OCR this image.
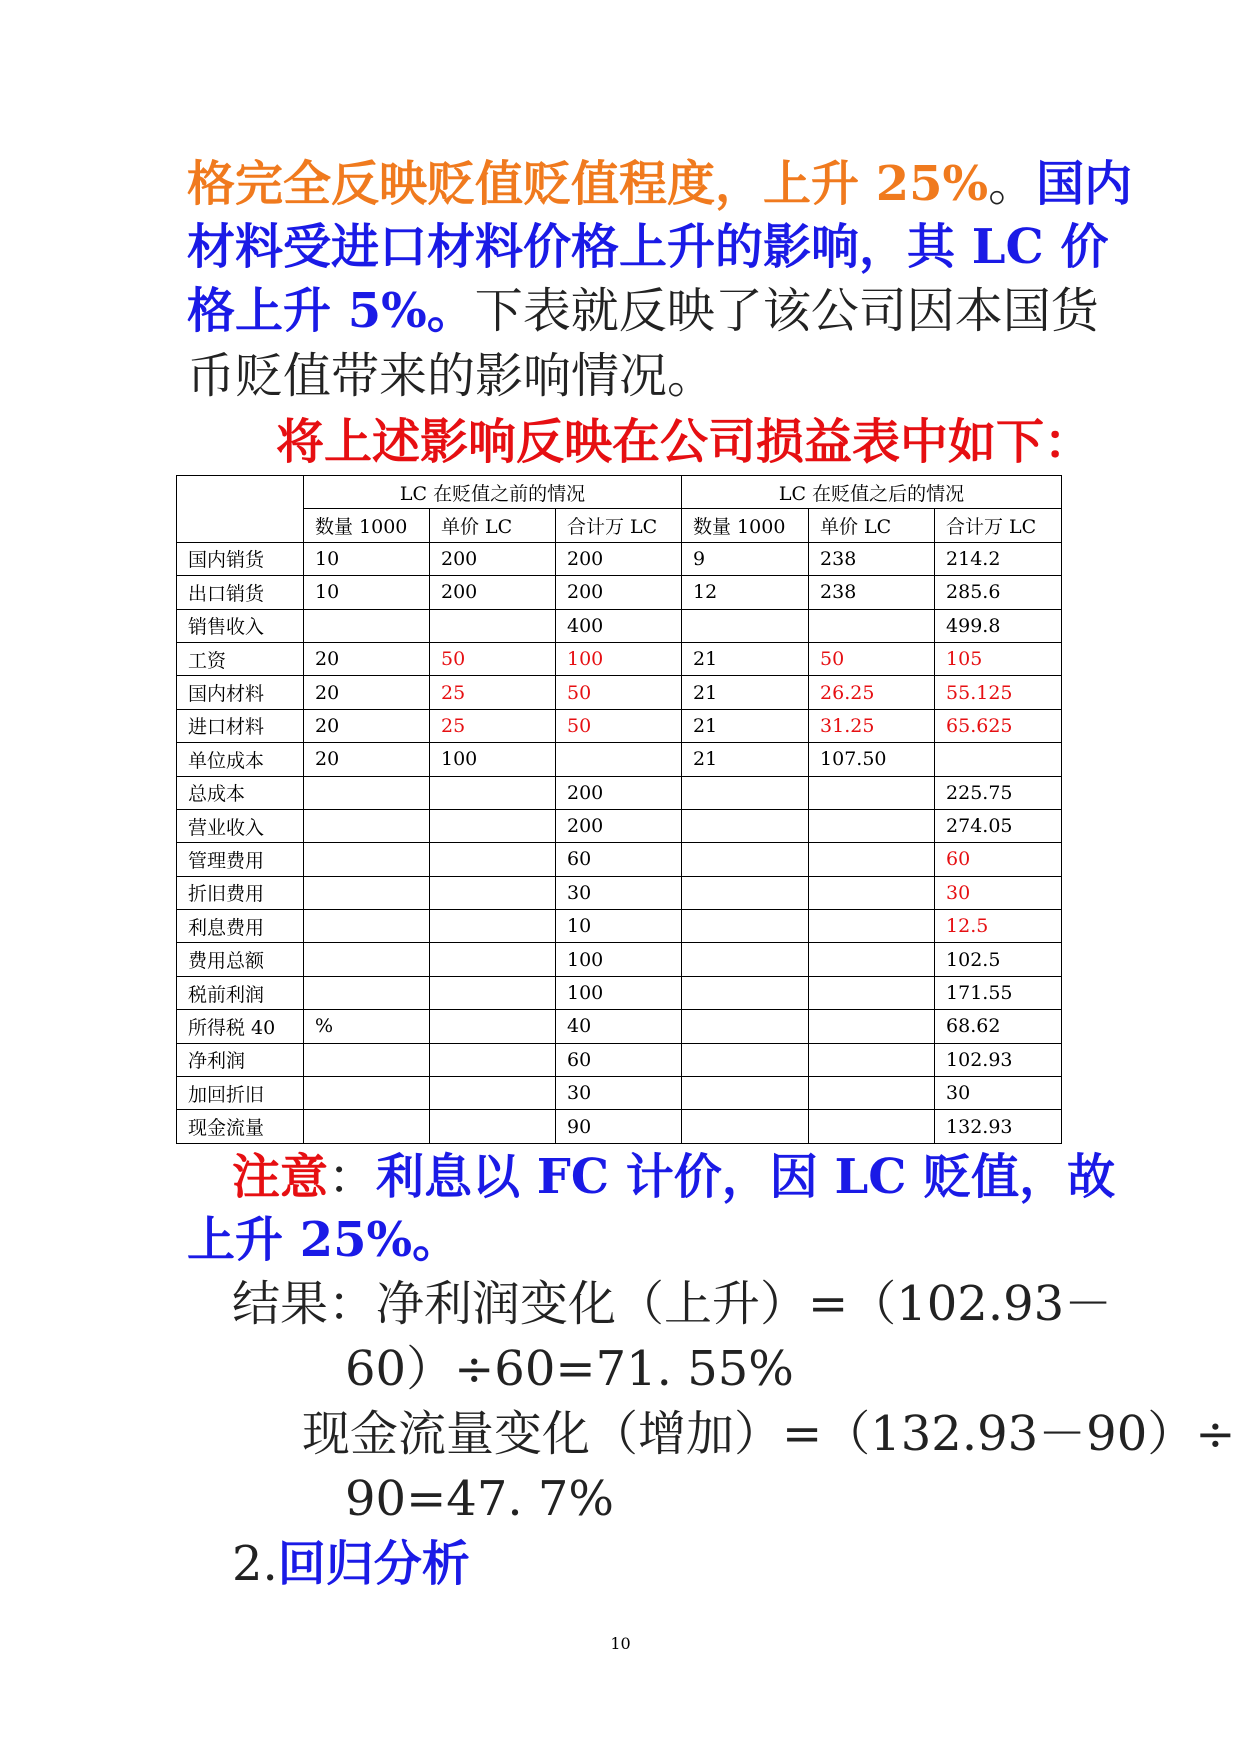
格完全反映贬值贬值程度，上升 25%。国内
材料受进口材料价格上升的影响，其 LC 价
格上升 5%。下表就反映了该公司因本国货
币贬值带来的影响情况。
将上述影响反映在公司损益表中如下：
	LC 在贬值之前的情况			LC 在贬值之后的情况		
	数量 1000	单价 LC	合计万 LC	数量 1000	单价 LC	合计万 LC
国内销货	10	200	200	9	238	214.2
出口销货	10	200	200	12	238	285.6
销售收入			400			499.8
工资	20	50	100	21	50	105
国内材料	20	25	50	21	26.25	55.125
进口材料	20	25	50	21	31.25	65.625
单位成本	20	100		21	107.50	
总成本			200			225.75
营业收入			200			274.05
管理费用			60			60
折旧费用			30			30
利息费用			10			12.5
费用总额			100			102.5
税前利润			100			171.55
所得税 40	%		40			68.62
净利润			60			102.93
加回折旧			30			30
现金流量			90			132.93
注意：利息以 FC 计价，因 LC 贬值，故
上升 25%。
结果：净利润变化（上升）=（102.93－
60）÷60=71. 55%
现金流量变化（增加）=（132.93－90）÷
90=47. 7%
2.回归分析
10
